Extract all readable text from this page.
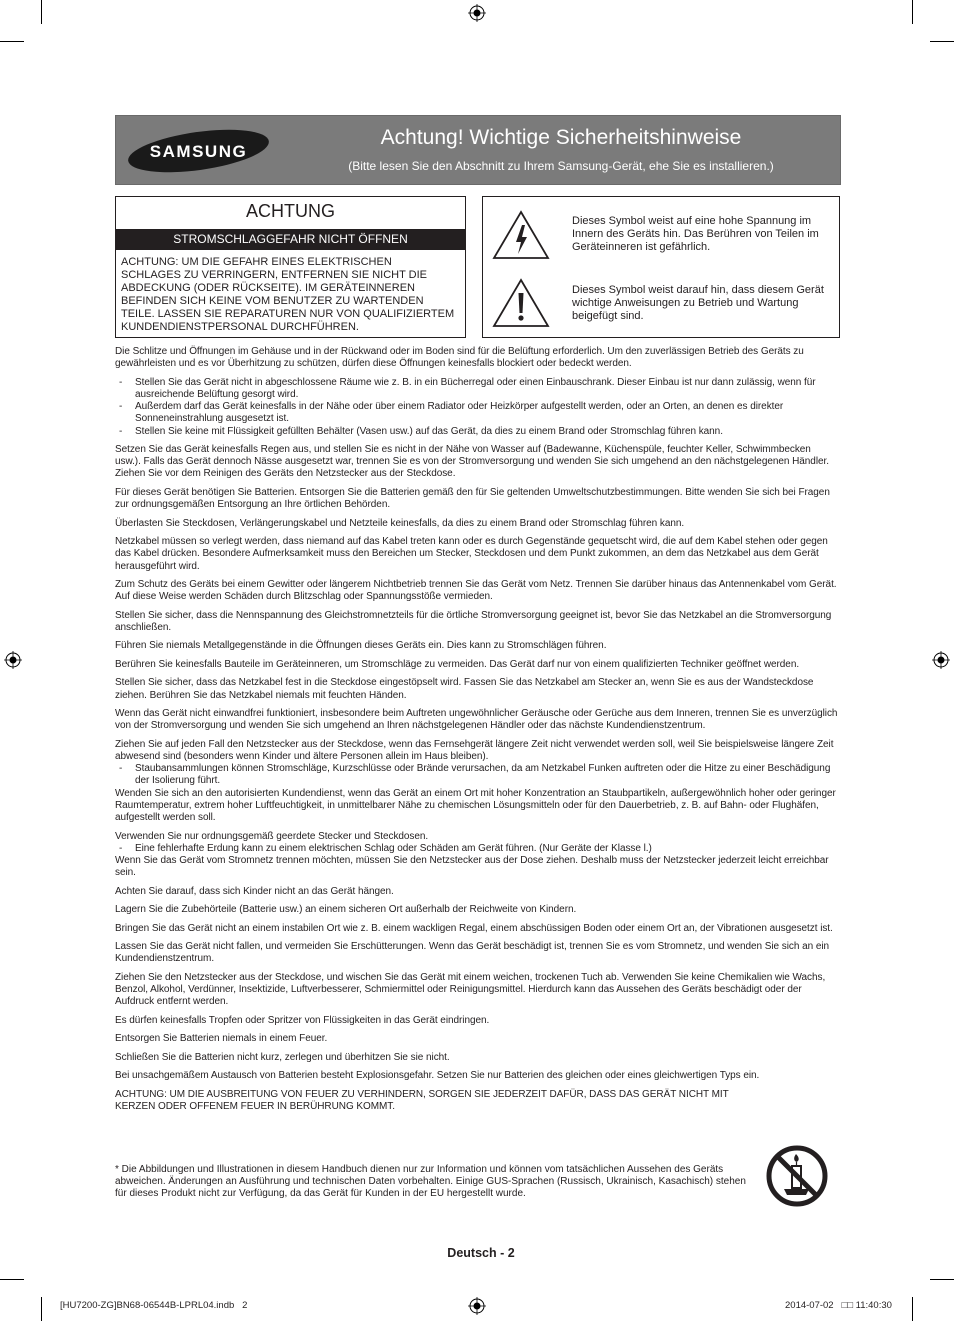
SAMSUNG
Achtung! Wichtige Sicherheitshinweise
(Bitte lesen Sie den Abschnitt zu Ihrem Samsung-Gerät, ehe Sie es installieren.)
ACHTUNG
STROMSCHLAGGEFAHR NICHT ÖFFNEN
ACHTUNG: UM DIE GEFAHR EINES ELEKTRISCHEN
SCHLAGES ZU VERRINGERN, ENTFERNEN SIE NICHT DIE
ABDECKUNG (ODER RÜCKSEITE). IM GERÄTEINNEREN
BEFINDEN SICH KEINE VOM BENUTZER ZU WARTENDEN
TEILE. LASSEN SIE REPARATUREN NUR VON QUALIFIZIERTEM
KUNDENDIENSTPERSONAL DURCHFÜHREN.
Dieses Symbol weist auf eine hohe Spannung im Innern des Geräts hin. Das Berühren von Teilen im Geräteinneren ist gefährlich.
Dieses Symbol weist darauf hin, dass diesem Gerät wichtige Anweisungen zu Betrieb und Wartung beigefügt sind.

Die Schlitze und Öffnungen im Gehäuse und in der Rückwand oder im Boden sind für die Belüftung erforderlich. Um den zuverlässigen Betrieb des Geräts zu gewährleisten und es vor Überhitzung zu schützen, dürfen diese Öffnungen keinesfalls blockiert oder bedeckt werden.

- Stellen Sie das Gerät nicht in abgeschlossene Räume wie z. B. in ein Bücherregal oder einen Einbauschrank. Dieser Einbau ist nur dann zulässig, wenn für ausreichende Belüftung gesorgt wird.

- Außerdem darf das Gerät keinesfalls in der Nähe oder über einem Radiator oder Heizkörper aufgestellt werden, oder an Orten, an denen es direkter Sonneneinstrahlung ausgesetzt ist.

- Stellen Sie keine mit Flüssigkeit gefüllten Behälter (Vasen usw.) auf das Gerät, da dies zu einem Brand oder Stromschlag führen kann.

Setzen Sie das Gerät keinesfalls Regen aus, und stellen Sie es nicht in der Nähe von Wasser auf (Badewanne, Küchenspüle, feuchter Keller, Schwimmbecken usw.). Falls das Gerät dennoch Nässe ausgesetzt war, trennen Sie es von der Stromversorgung und wenden Sie sich umgehend an den nächstgelegenen Händler. Ziehen Sie vor dem Reinigen des Geräts den Netzstecker aus der Steckdose.

Für dieses Gerät benötigen Sie Batterien. Entsorgen Sie die Batterien gemäß den für Sie geltenden Umweltschutzbestimmungen. Bitte wenden Sie sich bei Fragen zur ordnungsgemäßen Entsorgung an Ihre örtlichen Behörden.

Überlasten Sie Steckdosen, Verlängerungskabel und Netzteile keinesfalls, da dies zu einem Brand oder Stromschlag führen kann.

Netzkabel müssen so verlegt werden, dass niemand auf das Kabel treten kann oder es durch Gegenstände gequetscht wird, die auf dem Kabel stehen oder gegen das Kabel drücken. Besondere Aufmerksamkeit muss den Bereichen um Stecker, Steckdosen und dem Punkt zukommen, an dem das Netzkabel aus dem Gerät herausgeführt wird.

Zum Schutz des Geräts bei einem Gewitter oder längerem Nichtbetrieb trennen Sie das Gerät vom Netz. Trennen Sie darüber hinaus das Antennenkabel vom Gerät. Auf diese Weise werden Schäden durch Blitzschlag oder Spannungsstöße vermieden.

Stellen Sie sicher, dass die Nennspannung des Gleichstromnetzteils für die örtliche Stromversorgung geeignet ist, bevor Sie das Netzkabel an die Stromversorgung anschließen.

Führen Sie niemals Metallgegenstände in die Öffnungen dieses Geräts ein. Dies kann zu Stromschlägen führen.

Berühren Sie keinesfalls Bauteile im Geräteinneren, um Stromschläge zu vermeiden. Das Gerät darf nur von einem qualifizierten Techniker geöffnet werden.

Stellen Sie sicher, dass das Netzkabel fest in die Steckdose eingestöpselt wird. Fassen Sie das Netzkabel am Stecker an, wenn Sie es aus der Wandsteckdose ziehen. Berühren Sie das Netzkabel niemals mit feuchten Händen.

Wenn das Gerät nicht einwandfrei funktioniert, insbesondere beim Auftreten ungewöhnlicher Geräusche oder Gerüche aus dem Inneren, trennen Sie es unverzüglich von der Stromversorgung und wenden Sie sich umgehend an Ihren nächstgelegenen Händler oder das nächste Kundendienstzentrum.

Ziehen Sie auf jeden Fall den Netzstecker aus der Steckdose, wenn das Fernsehgerät längere Zeit nicht verwendet werden soll, weil Sie beispielsweise längere Zeit abwesend sind (besonders wenn Kinder und ältere Personen allein im Haus bleiben).

- Staubansammlungen können Stromschläge, Kurzschlüsse oder Brände verursachen, da am Netzkabel Funken auftreten oder die Hitze zu einer Beschädigung der Isolierung führt.

Wenden Sie sich an den autorisierten Kundendienst, wenn das Gerät an einem Ort mit hoher Konzentration an Staubpartikeln, außergewöhnlich hoher oder geringer Raumtemperatur, extrem hoher Luftfeuchtigkeit, in unmittelbarer Nähe zu chemischen Lösungsmitteln oder für den Dauerbetrieb, z. B. auf Bahn- oder Flughäfen, aufgestellt werden soll.

Verwenden Sie nur ordnungsgemäß geerdete Stecker und Steckdosen.

- Eine fehlerhafte Erdung kann zu einem elektrischen Schlag oder Schäden am Gerät führen. (Nur Geräte der Klasse l.)

Wenn Sie das Gerät vom Stromnetz trennen möchten, müssen Sie den Netzstecker aus der Dose ziehen. Deshalb muss der Netzstecker jederzeit leicht erreichbar sein.

Achten Sie darauf, dass sich Kinder nicht an das Gerät hängen.

Lagern Sie die Zubehörteile (Batterie usw.) an einem sicheren Ort außerhalb der Reichweite von Kindern.

Bringen Sie das Gerät nicht an einem instabilen Ort wie z. B. einem wackligen Regal, einem abschüssigen Boden oder einem Ort an, der Vibrationen ausgesetzt ist.

Lassen Sie das Gerät nicht fallen, und vermeiden Sie Erschütterungen. Wenn das Gerät beschädigt ist, trennen Sie es vom Stromnetz, und wenden Sie sich an ein Kundendienstzentrum.

Ziehen Sie den Netzstecker aus der Steckdose, und wischen Sie das Gerät mit einem weichen, trockenen Tuch ab. Verwenden Sie keine Chemikalien wie Wachs, Benzol, Alkohol, Verdünner, Insektizide, Luftverbesserer, Schmiermittel oder Reinigungsmittel. Hierdurch kann das Aussehen des Geräts beschädigt oder der Aufdruck entfernt werden.

Es dürfen keinesfalls Tropfen oder Spritzer von Flüssigkeiten in das Gerät eindringen.

Entsorgen Sie Batterien niemals in einem Feuer.

Schließen Sie die Batterien nicht kurz, zerlegen und überhitzen Sie sie nicht.

Bei unsachgemäßem Austausch von Batterien besteht Explosionsgefahr. Setzen Sie nur Batterien des gleichen oder eines gleichwertigen Typs ein.

ACHTUNG: UM DIE AUSBREITUNG VON FEUER ZU VERHINDERN, SORGEN SIE JEDERZEIT DAFÜR, DASS DAS GERÄT NICHT MIT
KERZEN ODER OFFENEM FEUER IN BERÜHRUNG KOMMT.

* Die Abbildungen und Illustrationen in diesem Handbuch dienen nur zur Information und können vom tatsächlichen Aussehen des Geräts abweichen. Änderungen an Ausführung und technischen Daten vorbehalten. Einige GUS-Sprachen (Russisch, Ukrainisch, Kasachisch) stehen für dieses Produkt nicht zur Verfügung, da das Gerät für Kunden in der EU hergestellt wurde.
Deutsch - 2
[HU7200-ZG]BN68-06544B-LPRL04.indb   2	2014-07-02   □□ 11:40:30
